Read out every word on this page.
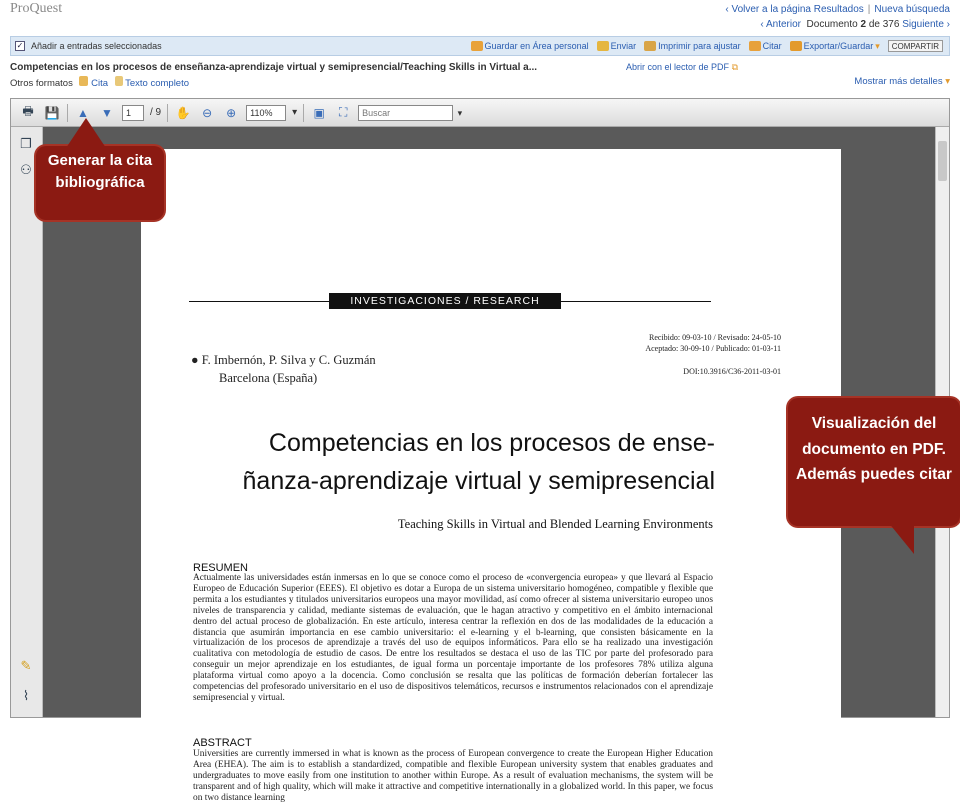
ProQuest	‹ Volver a la página Resultados | Nueva búsqueda
‹ Anterior Documento 2 de 376 Siguiente ›
✓ Añadir a entradas seleccionadas	Guardar en Área personal Enviar Imprimir para ajustar Citar Exportar/Guardar ▾	COMPARTIR
Competencias en los procesos de enseñanza-aprendizaje virtual y semipresencial/Teaching Skills in Virtual a...	Abrir con el lector de PDF ⧉
Otros formatos Cita Texto completo	Mostrar más detalles ▾
🖶 💾 ▲ ▼	1	/ 9 ✋ ⊖	⊕	110%	▾ ▣	⛶	Buscar ▾
❐
⚇
✎
⌇
INVESTIGACIONES / RESEARCH
Recibido: 09-03-10 / Revisado: 24-05-10
Aceptado: 30-09-10 / Publicado: 01-03-11
DOI:10.3916/C36-2011-03-01
● F. Imbernón, P. Silva y C. Guzmán
Barcelona (España)
Competencias en los procesos de ense-
ñanza-aprendizaje virtual y semipresencial
Teaching Skills in Virtual and Blended Learning Environments
RESUMEN
Actualmente las universidades están inmersas en lo que se conoce como el proceso de «convergencia europea» y que llevará al Espacio Europeo de Educación Superior (EEES). El objetivo es dotar a Europa de un sistema universitario homogéneo, compatible y flexible que permita a los estudiantes y titulados universitarios europeos una mayor movilidad, así como ofrecer al sistema universitario europeo unos niveles de transparencia y calidad, mediante sistemas de evaluación, que le hagan atractivo y competitivo en el ámbito internacional dentro del actual proceso de globalización. En este artículo, interesa centrar la reflexión en dos de las modalidades de la educación a distancia que asumirán importancia en ese cambio universitario: el e-learning y el b-learning, que consisten básicamente en la virtualización de los procesos de aprendizaje a través del uso de equipos informáticos. Para ello se ha realizado una investigación cualitativa con metodología de estudio de casos. De entre los resultados se destaca el uso de las TIC por parte del profesorado para conseguir un mejor aprendizaje en los estudiantes, de igual forma un porcentaje importante de los profesores 78% utiliza alguna plataforma virtual como apoyo a la docencia. Como conclusión se resalta que las políticas de formación deberían fortalecer las competencias del profesorado universitario en el uso de dispositivos telemáticos, recursos e instrumentos relacionados con el aprendizaje semipresencial y virtual.
ABSTRACT
Universities are currently immersed in what is known as the process of European convergence to create the European Higher Education Area (EHEA). The aim is to establish a standardized, compatible and flexible European university system that enables graduates and undergraduates to move easily from one institution to another within Europe. As a result of evaluation mechanisms, the system will be transparent and of high quality, which will make it attractive and competitive internationally in a globalized world. In this paper, we focus on two distance learning
Generar la cita bibliográfica
Visualización del documento en PDF. Además puedes citar
